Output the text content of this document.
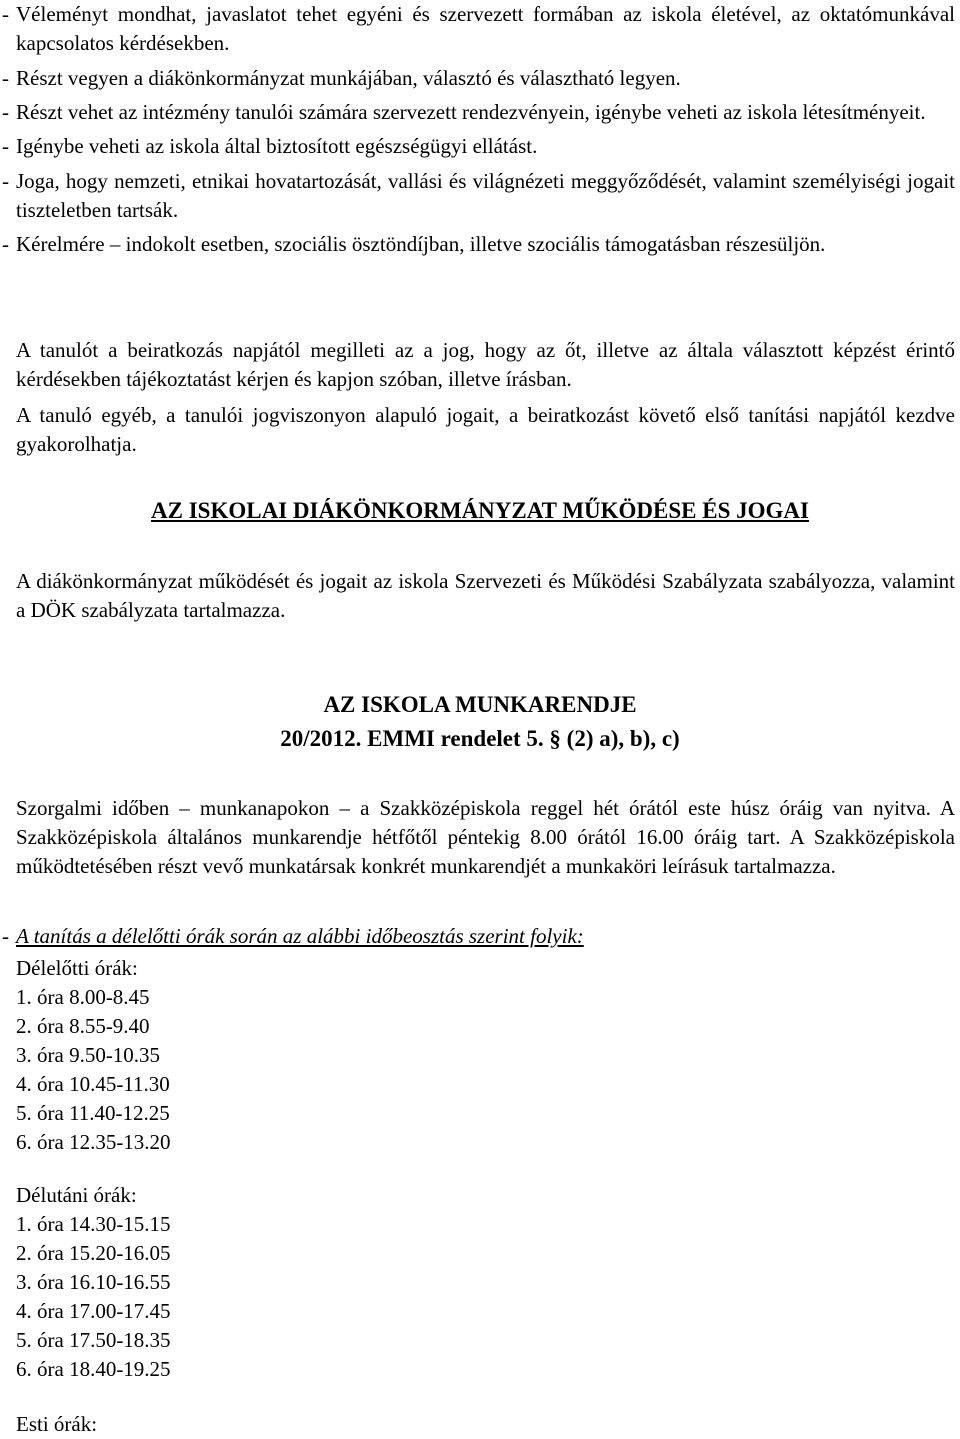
- Véleményt mondhat, javaslatot tehet egyéni és szervezett formában az iskola életével, az oktatómunkával kapcsolatos kérdésekben.
- Részt vegyen a diákönkormányzat munkájában, választó és választható legyen.
- Részt vehet az intézmény tanulói számára szervezett rendezvényein, igénybe veheti az iskola létesítményeit.
- Igénybe veheti az iskola által biztosított egészségügyi ellátást.
- Joga, hogy nemzeti, etnikai hovatartozását, vallási és világnézeti meggyőződését, valamint személyiségi jogait tiszteletben tartsák.
- Kérelmére – indokolt esetben, szociális ösztöndíjban, illetve szociális támogatásban részesüljön.
A tanulót a beiratkozás napjától megilleti az a jog, hogy az őt, illetve az általa választott képzést érintő kérdésekben tájékoztatást kérjen és kapjon szóban, illetve írásban.
A tanuló egyéb, a tanulói jogviszonyon alapuló jogait, a beiratkozást követő első tanítási napjától kezdve gyakorolhatja.
AZ ISKOLAI DIÁKÖNKORMÁNYZAT MŰKÖDÉSE ÉS JOGAI
A diákönkormányzat működését és jogait az iskola Szervezeti és Működési Szabályzata szabályozza, valamint a DÖK szabályzata tartalmazza.
AZ ISKOLA MUNKARENDJE
20/2012. EMMI rendelet 5. § (2) a), b), c)
Szorgalmi időben – munkanapokon – a Szakközépiskola reggel hét órától este húsz óráig van nyitva. A Szakközépiskola általános munkarendje hétfőtől péntekig 8.00 órától 16.00 óráig tart. A Szakközépiskola működtetésében részt vevő munkatársak konkrét munkarendjét a munkaköri leírásuk tartalmazza.
- A tanítás a délelőtti órák során az alábbi időbeosztás szerint folyik:
Délelőtti órák:
1. óra 8.00-8.45
2. óra 8.55-9.40
3. óra 9.50-10.35
4. óra 10.45-11.30
5. óra 11.40-12.25
6. óra 12.35-13.20
Délutáni órák:
1. óra 14.30-15.15
2. óra 15.20-16.05
3. óra 16.10-16.55
4. óra 17.00-17.45
5. óra 17.50-18.35
6. óra 18.40-19.25
Esti órák:
